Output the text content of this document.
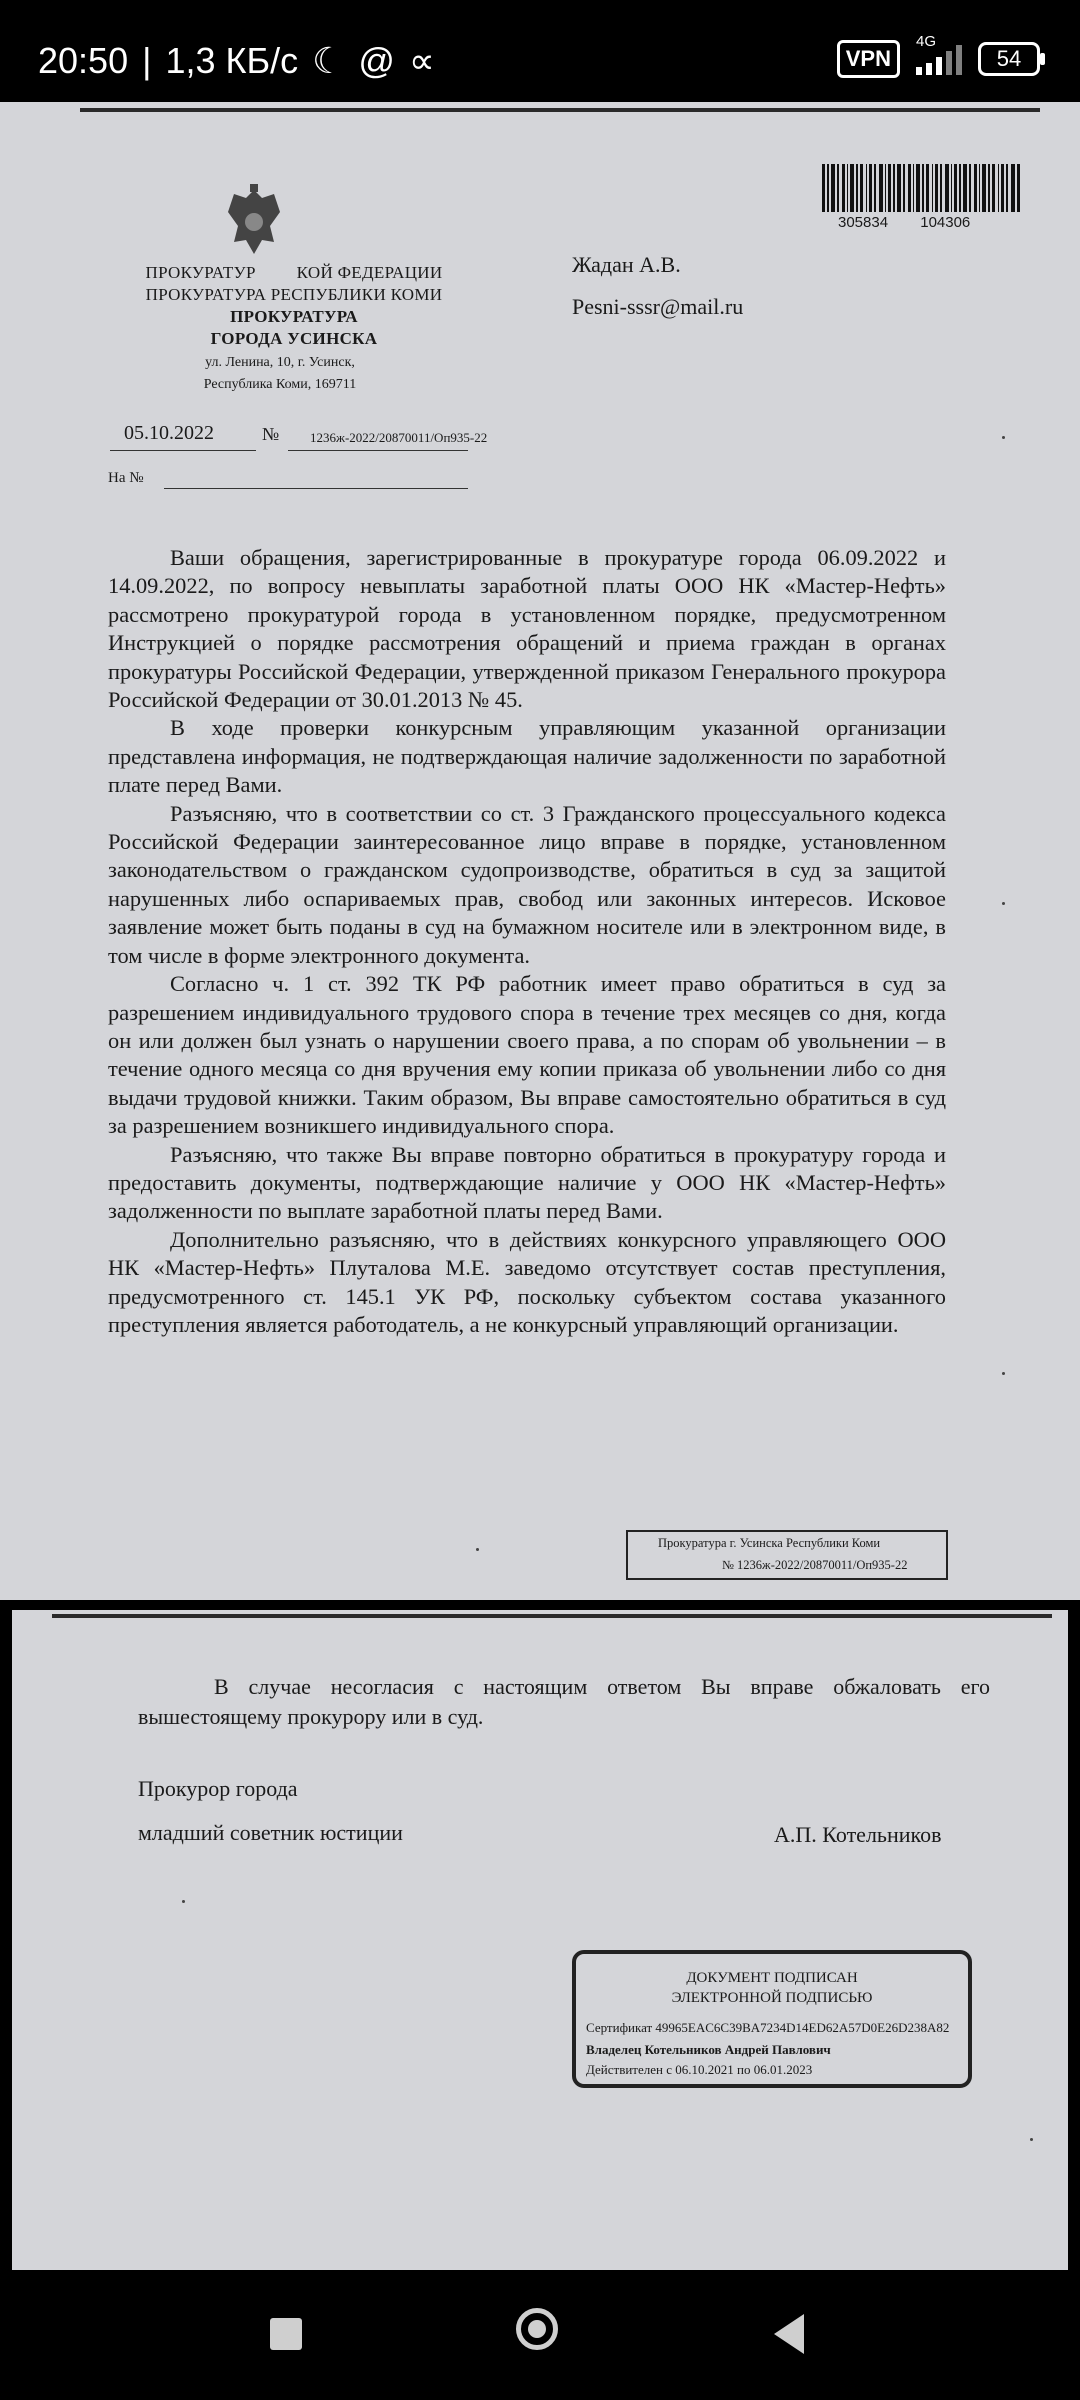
20:50 | 1,3 КБ/с ☾ @ ∝	VPN
4G
54
ПРОКУРАТУР         КОЙ ФЕДЕРАЦИИ
ПРОКУРАТУРА РЕСПУБЛИКИ КОМИ
ПРОКУРАТУРА
ГОРОДА УСИНСКА
ул. Ленина, 10, г. Усинск,
Республика Коми, 169711
05.10.2022	№ 1236ж-2022/20870011/Оп935-22
На №
Жадан А.В.
Pesni-sssr@mail.ru
305834 104306

Ваши обращения, зарегистрированные в прокуратуре города 06.09.2022 и 14.09.2022, по вопросу невыплаты заработной платы ООО НК «Мастер-Нефть» рассмотрено прокуратурой города в установленном порядке, предусмотренном Инструкцией о порядке рассмотрения обращений и приема граждан в органах прокуратуры Российской Федерации, утвержденной приказом Генерального прокурора Российской Федерации от 30.01.2013 № 45.

В ходе проверки конкурсным управляющим указанной организации представлена информация, не подтверждающая наличие задолженности по заработной плате перед Вами.

Разъясняю, что в соответствии со ст. 3 Гражданского процессуального кодекса Российской Федерации заинтересованное лицо вправе в порядке, установленном законодательством о гражданском судопроизводстве, обратиться в суд за защитой нарушенных либо оспариваемых прав, свобод или законных интересов. Исковое заявление может быть поданы в суд на бумажном носителе или в электронном виде, в том числе в форме электронного документа.

Согласно ч. 1 ст. 392 ТК РФ работник имеет право обратиться в суд за разрешением индивидуального трудового спора в течение трех месяцев со дня, когда он или должен был узнать о нарушении своего права, а по спорам об увольнении – в течение одного месяца со дня вручения ему копии приказа об увольнении либо со дня выдачи трудовой книжки. Таким образом, Вы вправе самостоятельно обратиться в суд за разрешением возникшего индивидуального спора.

Разъясняю, что также Вы вправе повторно обратиться в прокуратуру города и предоставить документы, подтверждающие наличие у ООО НК «Мастер-Нефть» задолженности по выплате заработной платы перед Вами.

Дополнительно разъясняю, что в действиях конкурсного управляющего ООО НК «Мастер-Нефть» Плуталова М.Е. заведомо отсутствует состав преступления, предусмотренного ст. 145.1 УК РФ, поскольку субъектом состава указанного преступления является работодатель, а не конкурсный управляющий организации.

Прокуратура г. Усинска Республики Коми
№ 1236ж-2022/20870011/Оп935-22

В случае несогласия с настоящим ответом Вы вправе обжаловать его вышестоящему прокурору или в суд.

Прокурор города
младший советник юстиции	А.П. Котельников
ДОКУМЕНТ ПОДПИСАН
ЭЛЕКТРОННОЙ ПОДПИСЬЮ
Сертификат 49965EAC6C39BA7234D14ED62A57D0E26D238A82
Владелец Котельников Андрей Павлович
Действителен с 06.10.2021 по 06.01.2023
